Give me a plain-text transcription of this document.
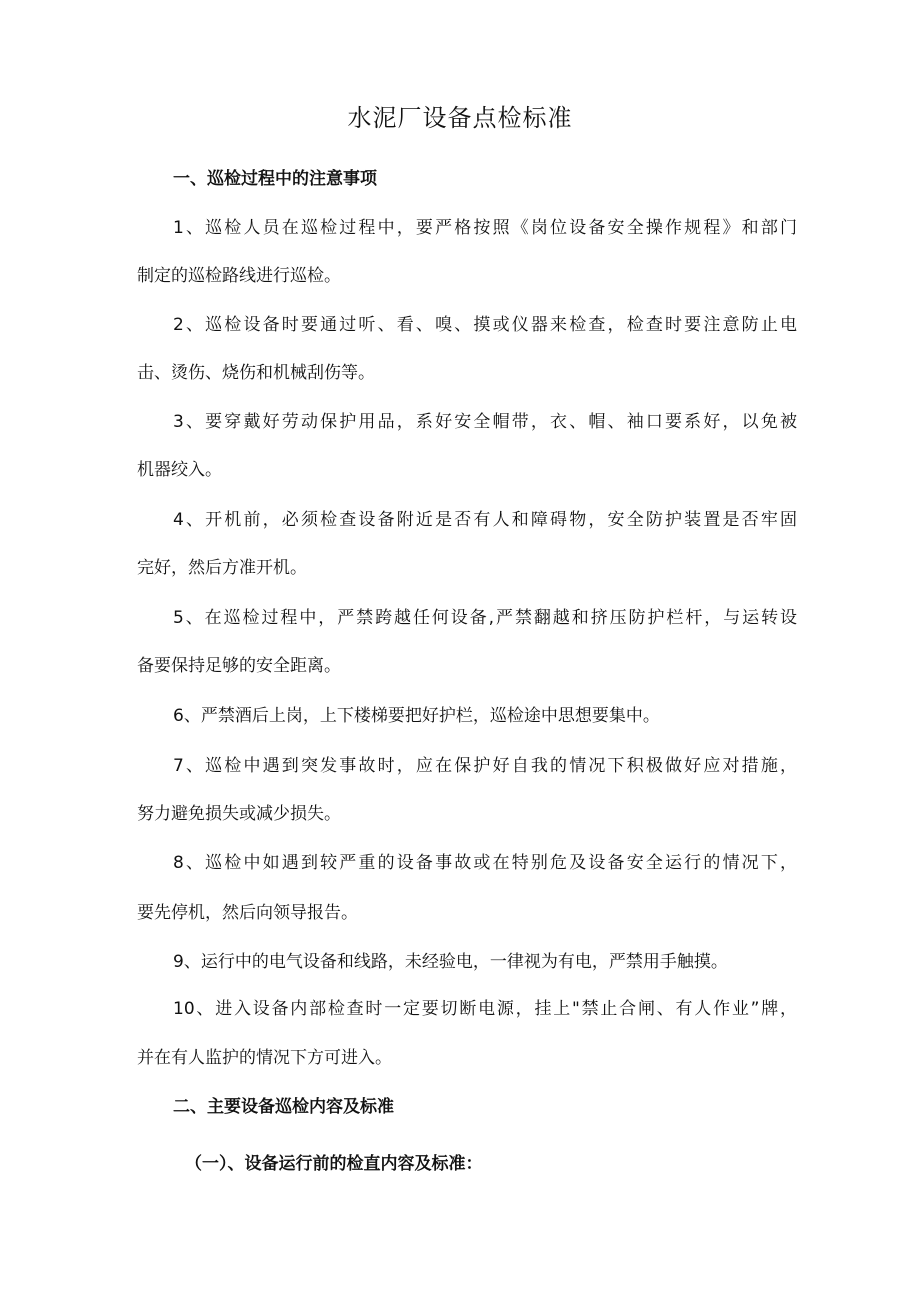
水泥厂设备点检标准

一、巡检过程中的注意事项

1、巡检人员在巡检过程中，要严格按照《岗位设备安全操作规程》和部门

制定的巡检路线进行巡检。

2、巡检设备时要通过听、看、嗅、摸或仪器来检查，检查时要注意防止电

击、烫伤、烧伤和机械刮伤等。

3、要穿戴好劳动保护用品，系好安全帽带，衣、帽、袖口要系好，以免被

机器绞入。

4、开机前，必须检查设备附近是否有人和障碍物，安全防护装置是否牢固

完好，然后方准开机。

5、在巡检过程中，严禁跨越任何设备,严禁翻越和挤压防护栏杆，与运转设

备要保持足够的安全距离。

6、严禁酒后上岗，上下楼梯要把好护栏，巡检途中思想要集中。

7、巡检中遇到突发事故时，应在保护好自我的情况下积极做好应对措施，

努力避免损失或减少损失。

8、巡检中如遇到较严重的设备事故或在特别危及设备安全运行的情况下，

要先停机，然后向领导报告。

9、运行中的电气设备和线路，未经验电，一律视为有电，严禁用手触摸。

10、进入设备内部检查时一定要切断电源，挂上"禁止合闸、有人作业”牌，

并在有人监护的情况下方可进入。

二、主要设备巡检内容及标准

（一）、设备运行前的检直内容及标准：
